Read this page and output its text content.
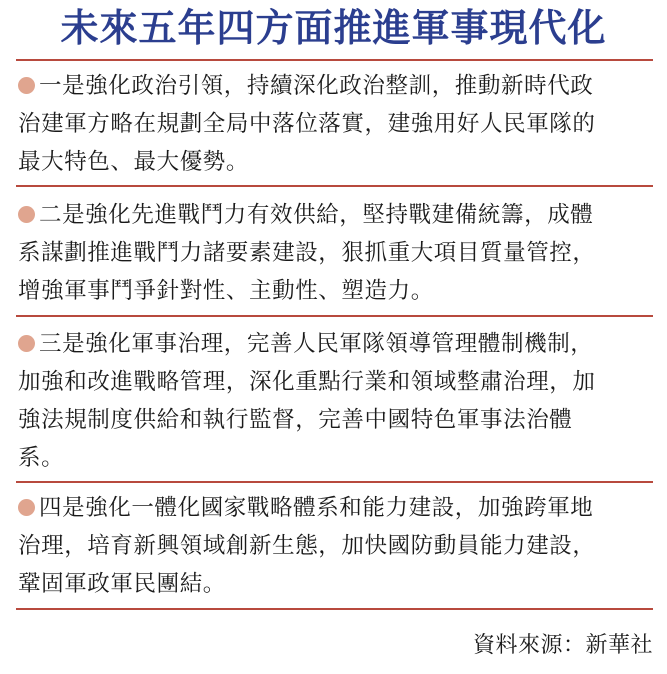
未來五年四方面推進軍事現代化
一是強化政治引領，持續深化政治整訓，推動新時代政
治建軍方略在規劃全局中落位落實，建強用好人民軍隊的
最大特色、最大優勢。
二是強化先進戰鬥力有效供給，堅持戰建備統籌，成體
系謀劃推進戰鬥力諸要素建設，狠抓重大項目質量管控，
增強軍事鬥爭針對性、主動性、塑造力。
三是強化軍事治理，完善人民軍隊領導管理體制機制，
加強和改進戰略管理，深化重點行業和領域整肅治理，加
強法規制度供給和執行監督，完善中國特色軍事法治體
系。
四是強化一體化國家戰略體系和能力建設，加強跨軍地
治理，培育新興領域創新生態，加快國防動員能力建設，
鞏固軍政軍民團結。
資料來源：新華社
